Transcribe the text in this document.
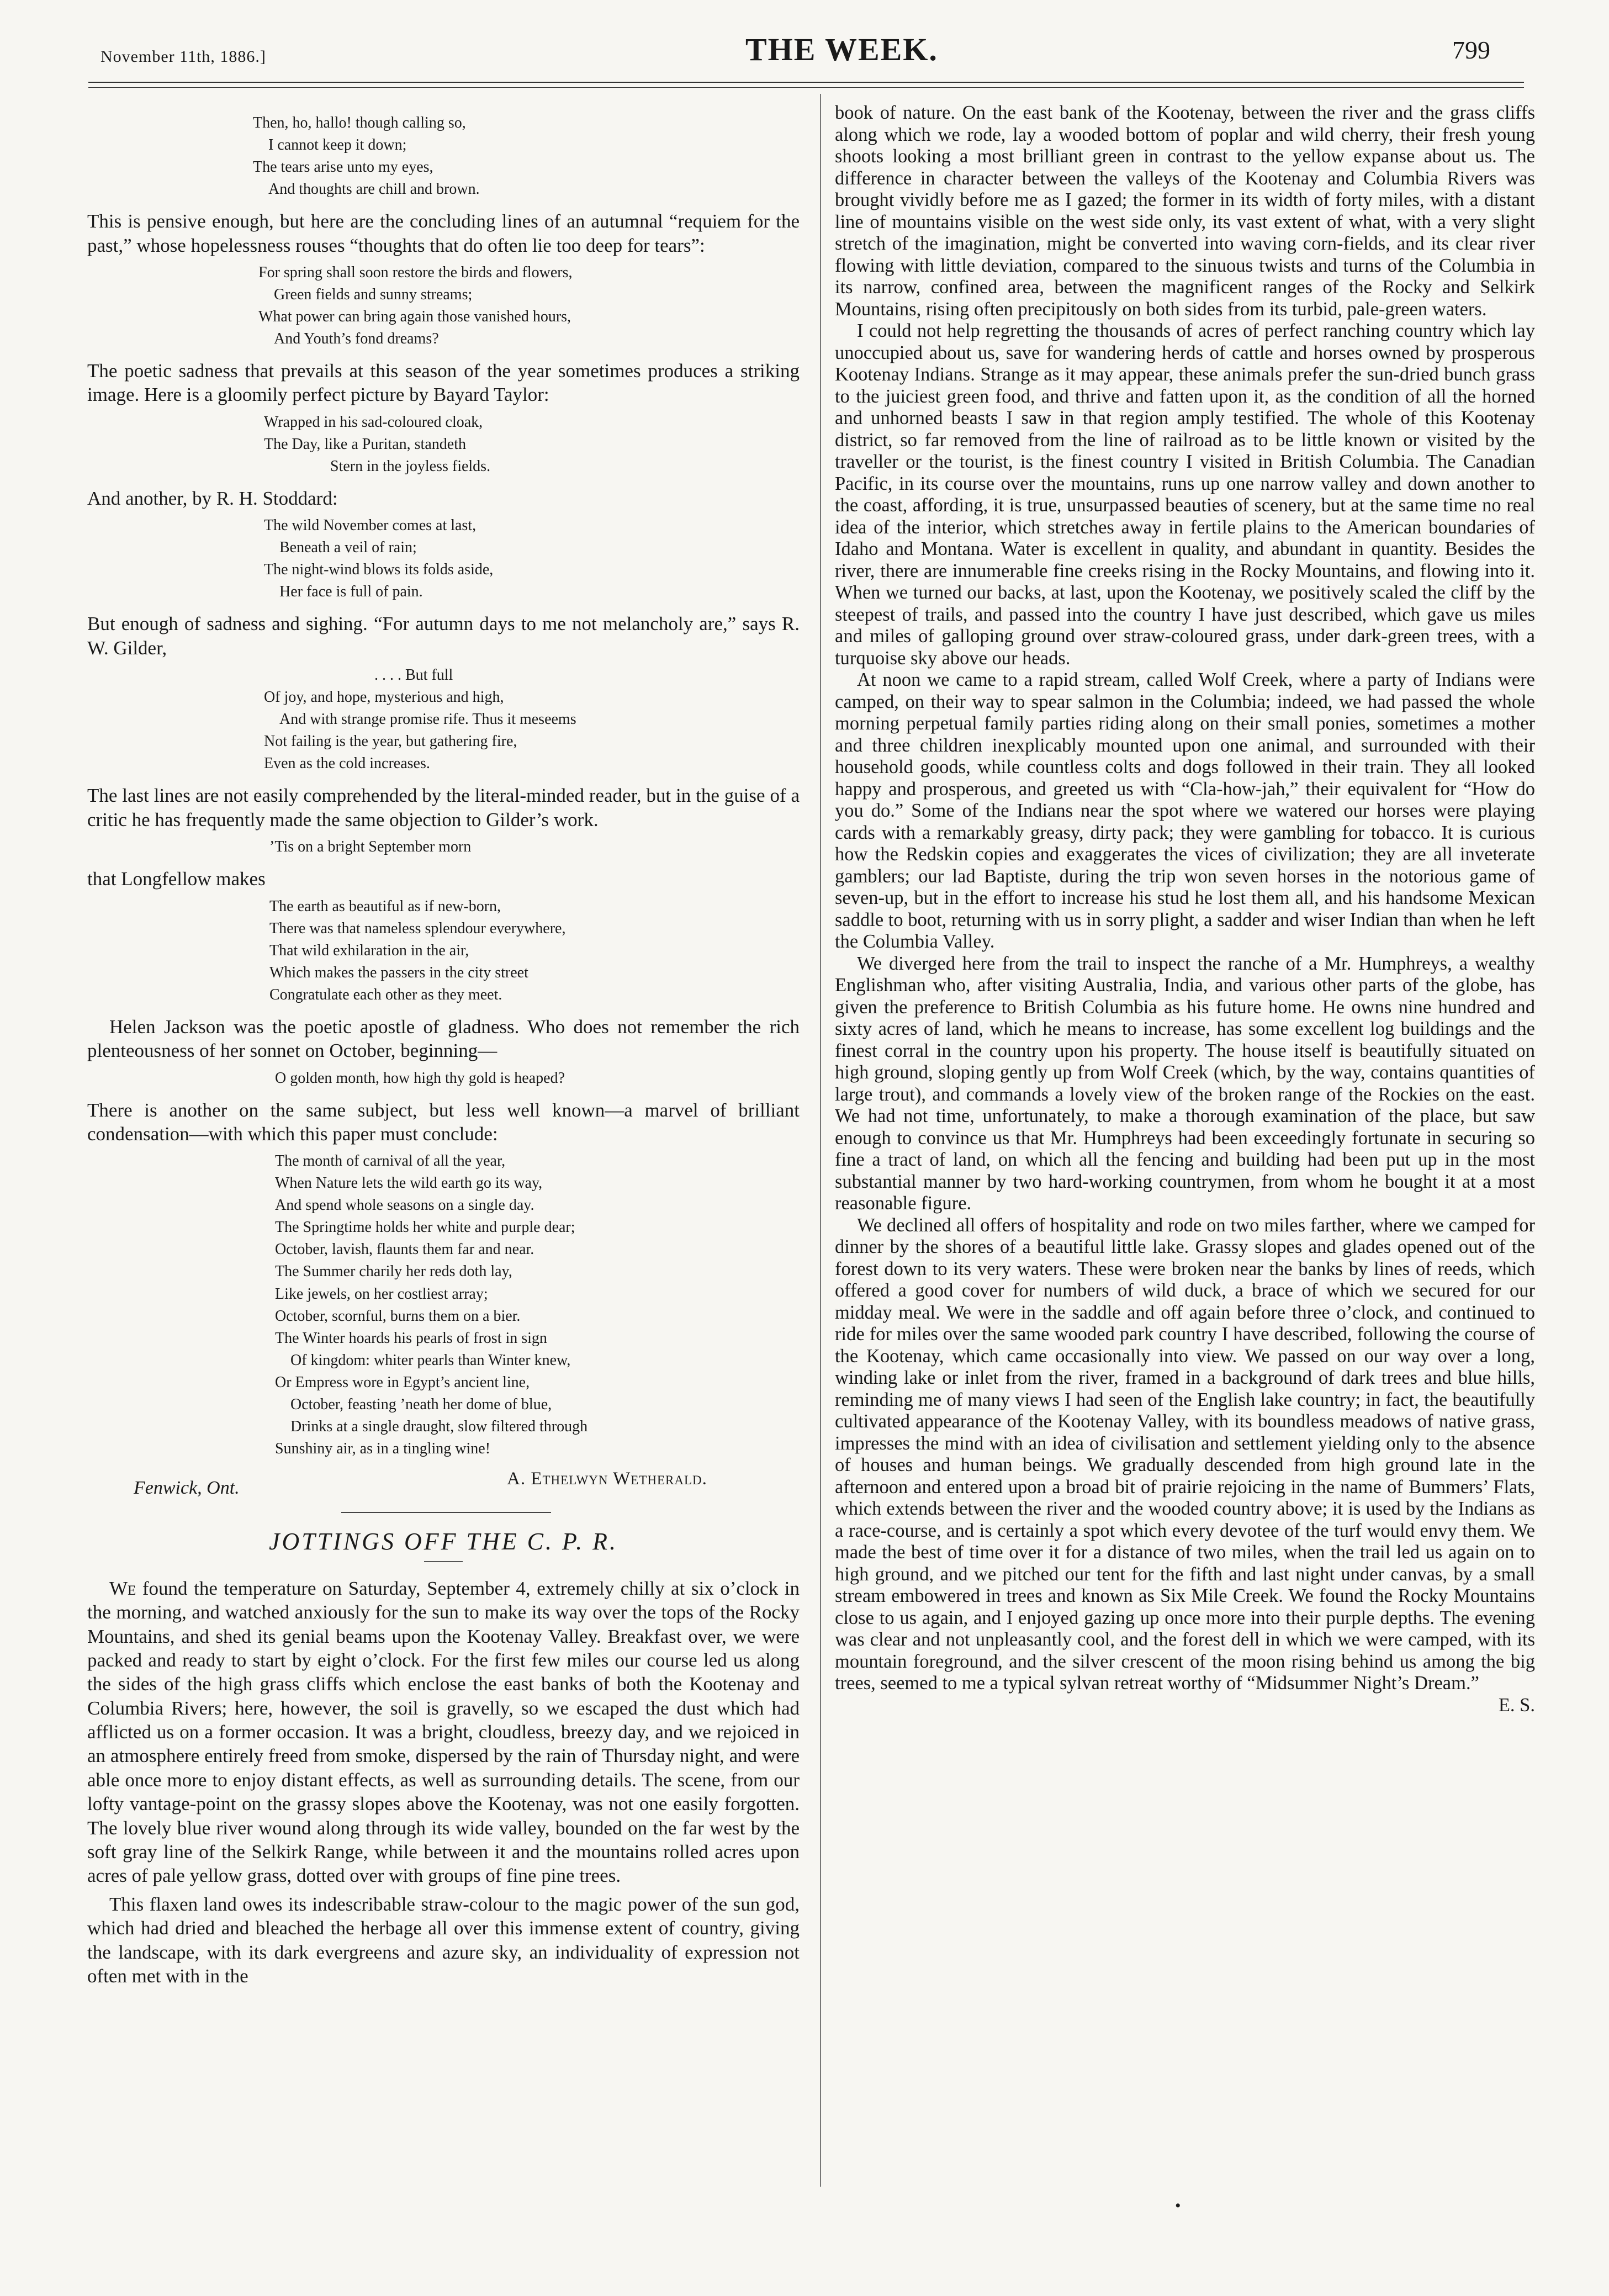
November 11th, 1886.]	THE WEEK.	799
Then, ho, hallo! though calling so,
I cannot keep it down;
The tears arise unto my eyes,
And thoughts are chill and brown.

This is pensive enough, but here are the concluding lines of an autumnal “requiem for the past,” whose hopelessness rouses “thoughts that do often lie too deep for tears”:

For spring shall soon restore the birds and flowers,
Green fields and sunny streams;
What power can bring again those vanished hours,
And Youth’s fond dreams?

The poetic sadness that prevails at this season of the year sometimes produces a striking image. Here is a gloomily perfect picture by Bayard Taylor:

Wrapped in his sad-coloured cloak,
The Day, like a Puritan, standeth
Stern in the joyless fields.

And another, by R. H. Stoddard:

The wild November comes at last,
Beneath a veil of rain;
The night-wind blows its folds aside,
Her face is full of pain.

But enough of sadness and sighing. “For autumn days to me not melancholy are,” says R. W. Gilder,

. . . . But full
Of joy, and hope, mysterious and high,
And with strange promise rife. Thus it meseems
Not failing is the year, but gathering fire,
Even as the cold increases.

The last lines are not easily comprehended by the literal-minded reader, but in the guise of a critic he has frequently made the same objection to Gilder’s work.

’Tis on a bright September morn

that Longfellow makes

The earth as beautiful as if new-born,
There was that nameless splendour everywhere,
That wild exhilaration in the air,
Which makes the passers in the city street
Congratulate each other as they meet.

Helen Jackson was the poetic apostle of gladness. Who does not remember the rich plenteousness of her sonnet on October, beginning—

O golden month, how high thy gold is heaped?

There is another on the same subject, but less well known—a marvel of brilliant condensation—with which this paper must conclude:

The month of carnival of all the year,
When Nature lets the wild earth go its way,
And spend whole seasons on a single day.
The Springtime holds her white and purple dear;
October, lavish, flaunts them far and near.
The Summer charily her reds doth lay,
Like jewels, on her costliest array;
October, scornful, burns them on a bier.
The Winter hoards his pearls of frost in sign
Of kingdom: whiter pearls than Winter knew,
Or Empress wore in Egypt’s ancient line,
October, feasting ’neath her dome of blue,
Drinks at a single draught, slow filtered through
Sunshiny air, as in a tingling wine!
Fenwick, Ont.	A. Ethelwyn Wetherald.
JOTTINGS OFF THE C. P. R.

We found the temperature on Saturday, September 4, extremely chilly at six o’clock in the morning, and watched anxiously for the sun to make its way over the tops of the Rocky Mountains, and shed its genial beams upon the Kootenay Valley. Breakfast over, we were packed and ready to start by eight o’clock. For the first few miles our course led us along the sides of the high grass cliffs which enclose the east banks of both the Kootenay and Columbia Rivers; here, however, the soil is gravelly, so we escaped the dust which had afflicted us on a former occasion. It was a bright, cloudless, breezy day, and we rejoiced in an atmosphere entirely freed from smoke, dispersed by the rain of Thursday night, and were able once more to enjoy distant effects, as well as surrounding details. The scene, from our lofty vantage-point on the grassy slopes above the Kootenay, was not one easily forgotten. The lovely blue river wound along through its wide valley, bounded on the far west by the soft gray line of the Selkirk Range, while between it and the mountains rolled acres upon acres of pale yellow grass, dotted over with groups of fine pine trees.

This flaxen land owes its indescribable straw-colour to the magic power of the sun god, which had dried and bleached the herbage all over this immense extent of country, giving the landscape, with its dark evergreens and azure sky, an individuality of expression not often met with in the

book of nature. On the east bank of the Kootenay, between the river and the grass cliffs along which we rode, lay a wooded bottom of poplar and wild cherry, their fresh young shoots looking a most brilliant green in contrast to the yellow expanse about us. The difference in character between the valleys of the Kootenay and Columbia Rivers was brought vividly before me as I gazed; the former in its width of forty miles, with a distant line of mountains visible on the west side only, its vast extent of what, with a very slight stretch of the imagination, might be converted into waving corn-fields, and its clear river flowing with little deviation, compared to the sinuous twists and turns of the Columbia in its narrow, confined area, between the magnificent ranges of the Rocky and Selkirk Mountains, rising often precipitously on both sides from its turbid, pale-green waters.

I could not help regretting the thousands of acres of perfect ranching country which lay unoccupied about us, save for wandering herds of cattle and horses owned by prosperous Kootenay Indians. Strange as it may appear, these animals prefer the sun-dried bunch grass to the juiciest green food, and thrive and fatten upon it, as the condition of all the horned and unhorned beasts I saw in that region amply testified. The whole of this Kootenay district, so far removed from the line of railroad as to be little known or visited by the traveller or the tourist, is the finest country I visited in British Columbia. The Canadian Pacific, in its course over the mountains, runs up one narrow valley and down another to the coast, affording, it is true, unsurpassed beauties of scenery, but at the same time no real idea of the interior, which stretches away in fertile plains to the American boundaries of Idaho and Montana. Water is excellent in quality, and abundant in quantity. Besides the river, there are innumerable fine creeks rising in the Rocky Mountains, and flowing into it. When we turned our backs, at last, upon the Kootenay, we positively scaled the cliff by the steepest of trails, and passed into the country I have just described, which gave us miles and miles of galloping ground over straw-coloured grass, under dark-green trees, with a turquoise sky above our heads.

At noon we came to a rapid stream, called Wolf Creek, where a party of Indians were camped, on their way to spear salmon in the Columbia; indeed, we had passed the whole morning perpetual family parties riding along on their small ponies, sometimes a mother and three children inexplicably mounted upon one animal, and surrounded with their household goods, while countless colts and dogs followed in their train. They all looked happy and prosperous, and greeted us with “Cla-how-jah,” their equivalent for “How do you do.” Some of the Indians near the spot where we watered our horses were playing cards with a remarkably greasy, dirty pack; they were gambling for tobacco. It is curious how the Redskin copies and exaggerates the vices of civilization; they are all inveterate gamblers; our lad Baptiste, during the trip won seven horses in the notorious game of seven-up, but in the effort to increase his stud he lost them all, and his handsome Mexican saddle to boot, returning with us in sorry plight, a sadder and wiser Indian than when he left the Columbia Valley.

We diverged here from the trail to inspect the ranche of a Mr. Humphreys, a wealthy Englishman who, after visiting Australia, India, and various other parts of the globe, has given the preference to British Columbia as his future home. He owns nine hundred and sixty acres of land, which he means to increase, has some excellent log buildings and the finest corral in the country upon his property. The house itself is beautifully situated on high ground, sloping gently up from Wolf Creek (which, by the way, contains quantities of large trout), and commands a lovely view of the broken range of the Rockies on the east. We had not time, unfortunately, to make a thorough examination of the place, but saw enough to convince us that Mr. Humphreys had been exceedingly fortunate in securing so fine a tract of land, on which all the fencing and building had been put up in the most substantial manner by two hard-working countrymen, from whom he bought it at a most reasonable figure.

We declined all offers of hospitality and rode on two miles farther, where we camped for dinner by the shores of a beautiful little lake. Grassy slopes and glades opened out of the forest down to its very waters. These were broken near the banks by lines of reeds, which offered a good cover for numbers of wild duck, a brace of which we secured for our midday meal. We were in the saddle and off again before three o’clock, and continued to ride for miles over the same wooded park country I have described, following the course of the Kootenay, which came occasionally into view. We passed on our way over a long, winding lake or inlet from the river, framed in a background of dark trees and blue hills, reminding me of many views I had seen of the English lake country; in fact, the beautifully cultivated appearance of the Kootenay Valley, with its boundless meadows of native grass, impresses the mind with an idea of civilisation and settlement yielding only to the absence of houses and human beings. We gradually descended from high ground late in the afternoon and entered upon a broad bit of prairie rejoicing in the name of Bummers’ Flats, which extends between the river and the wooded country above; it is used by the Indians as a race-course, and is certainly a spot which every devotee of the turf would envy them. We made the best of time over it for a distance of two miles, when the trail led us again on to high ground, and we pitched our tent for the fifth and last night under canvas, by a small stream embowered in trees and known as Six Mile Creek. We found the Rocky Mountains close to us again, and I enjoyed gazing up once more into their purple depths. The evening was clear and not unpleasantly cool, and the forest dell in which we were camped, with its mountain foreground, and the silver crescent of the moon rising behind us among the big trees, seemed to me a typical sylvan retreat worthy of “Midsummer Night’s Dream.”
E. S.

•
